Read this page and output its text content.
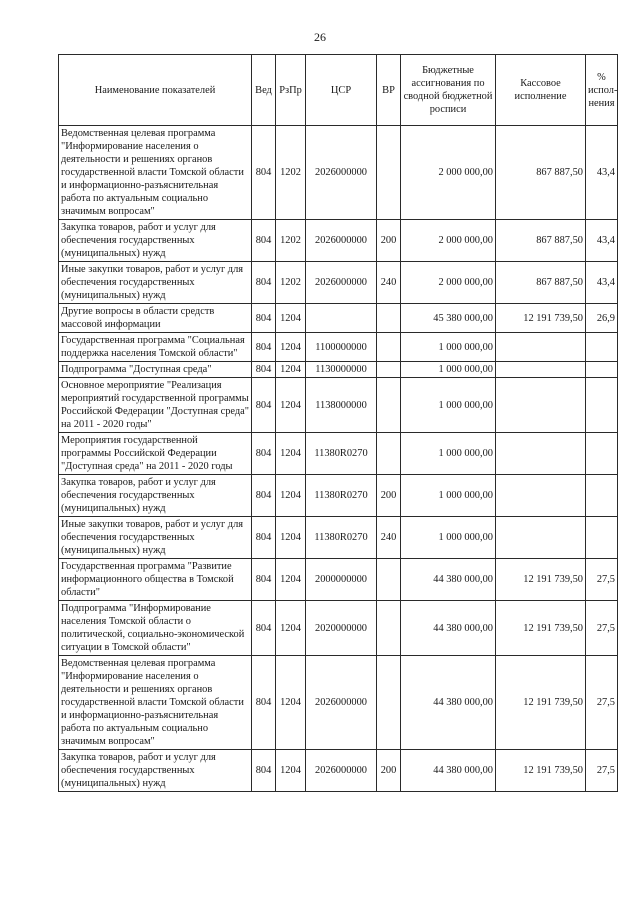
26
Наименование показателей	Вед	РзПр	ЦСР	ВР	Бюджетные ассигнования по сводной бюджетной росписи	Кассовое исполнение	% испол-нения
Ведомственная целевая программа "Информирование населения о деятельности и решениях органов государственной власти Томской области и информационно-разъяснительная работа по актуальным социально значимым вопросам"	804	1202	2026000000		2 000 000,00	867 887,50	43,4
Закупка товаров, работ и услуг для обеспечения государственных (муниципальных) нужд	804	1202	2026000000	200	2 000 000,00	867 887,50	43,4
Иные закупки товаров, работ и услуг для обеспечения государственных (муниципальных) нужд	804	1202	2026000000	240	2 000 000,00	867 887,50	43,4
Другие вопросы в области средств массовой информации	804	1204			45 380 000,00	12 191 739,50	26,9
Государственная программа "Социальная поддержка населения Томской области"	804	1204	1100000000		1 000 000,00		
Подпрограмма "Доступная среда"	804	1204	1130000000		1 000 000,00		
Основное мероприятие "Реализация мероприятий государственной программы Российской Федерации "Доступная среда" на 2011 - 2020 годы"	804	1204	1138000000		1 000 000,00		
Мероприятия государственной программы Российской Федерации "Доступная среда" на 2011 - 2020 годы	804	1204	11380R0270		1 000 000,00		
Закупка товаров, работ и услуг для обеспечения государственных (муниципальных) нужд	804	1204	11380R0270	200	1 000 000,00		
Иные закупки товаров, работ и услуг для обеспечения государственных (муниципальных) нужд	804	1204	11380R0270	240	1 000 000,00		
Государственная программа "Развитие информационного общества в Томской области"	804	1204	2000000000		44 380 000,00	12 191 739,50	27,5
Подпрограмма "Информирование населения Томской области о политической, социально-экономической ситуации в Томской области"	804	1204	2020000000		44 380 000,00	12 191 739,50	27,5
Ведомственная целевая программа "Информирование населения о деятельности и решениях органов государственной власти Томской области и информационно-разъяснительная работа по актуальным социально значимым вопросам"	804	1204	2026000000		44 380 000,00	12 191 739,50	27,5
Закупка товаров, работ и услуг для обеспечения государственных (муниципальных) нужд	804	1204	2026000000	200	44 380 000,00	12 191 739,50	27,5
